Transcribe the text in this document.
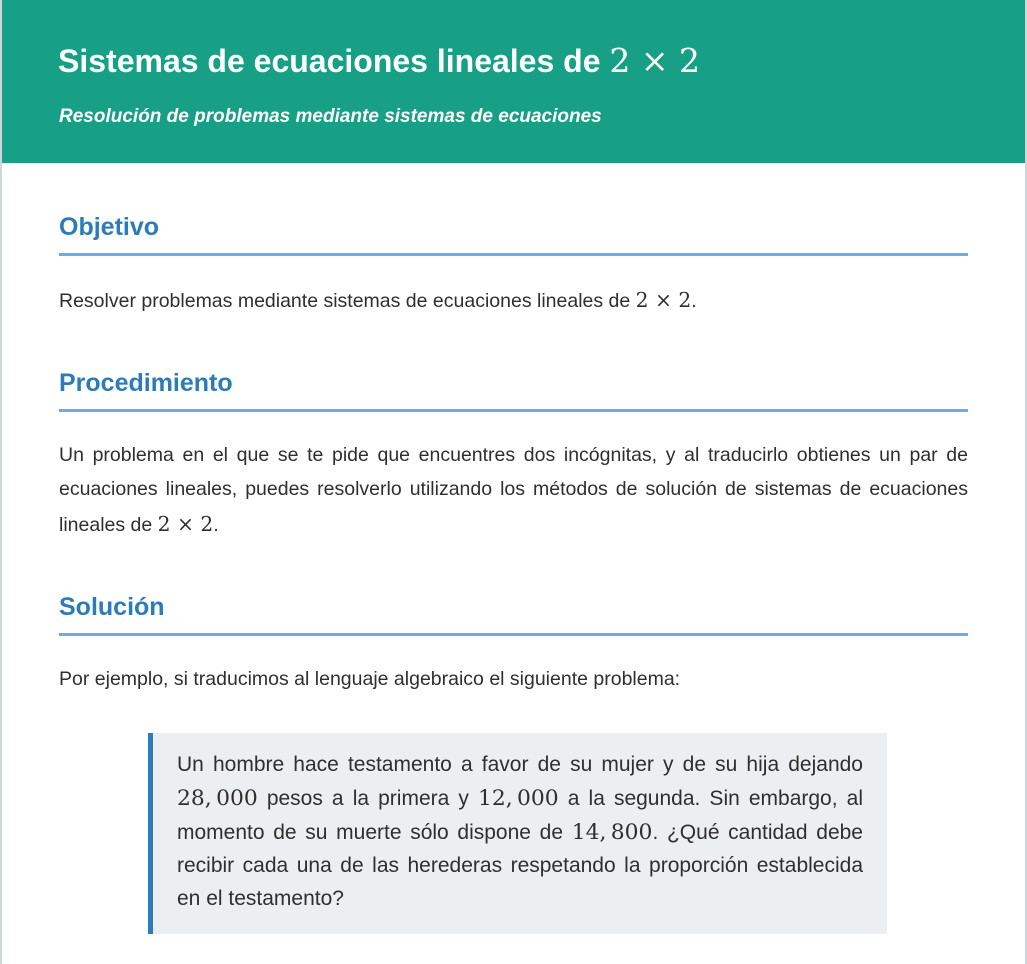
Sistemas de ecuaciones lineales de 2 × 2

Resolución de problemas mediante sistemas de ecuaciones

Objetivo

Resolver problemas mediante sistemas de ecuaciones lineales de 2 × 2.

Procedimiento

Un problema en el que se te pide que encuentres dos incógnitas, y al traducirlo obtienes un par de ecuaciones lineales, puedes resolverlo utilizando los métodos de solución de sistemas de ecuaciones lineales de 2 × 2.

Solución

Por ejemplo, si traducimos al lenguaje algebraico el siguiente problema:

Un hombre hace testamento a favor de su mujer y de su hija dejando 28, 000 pesos a la primera y 12, 000 a la segunda. Sin embargo, al momento de su muerte sólo dispone de 14, 800. ¿Qué cantidad debe recibir cada una de las herederas respetando la proporción establecida en el testamento?
